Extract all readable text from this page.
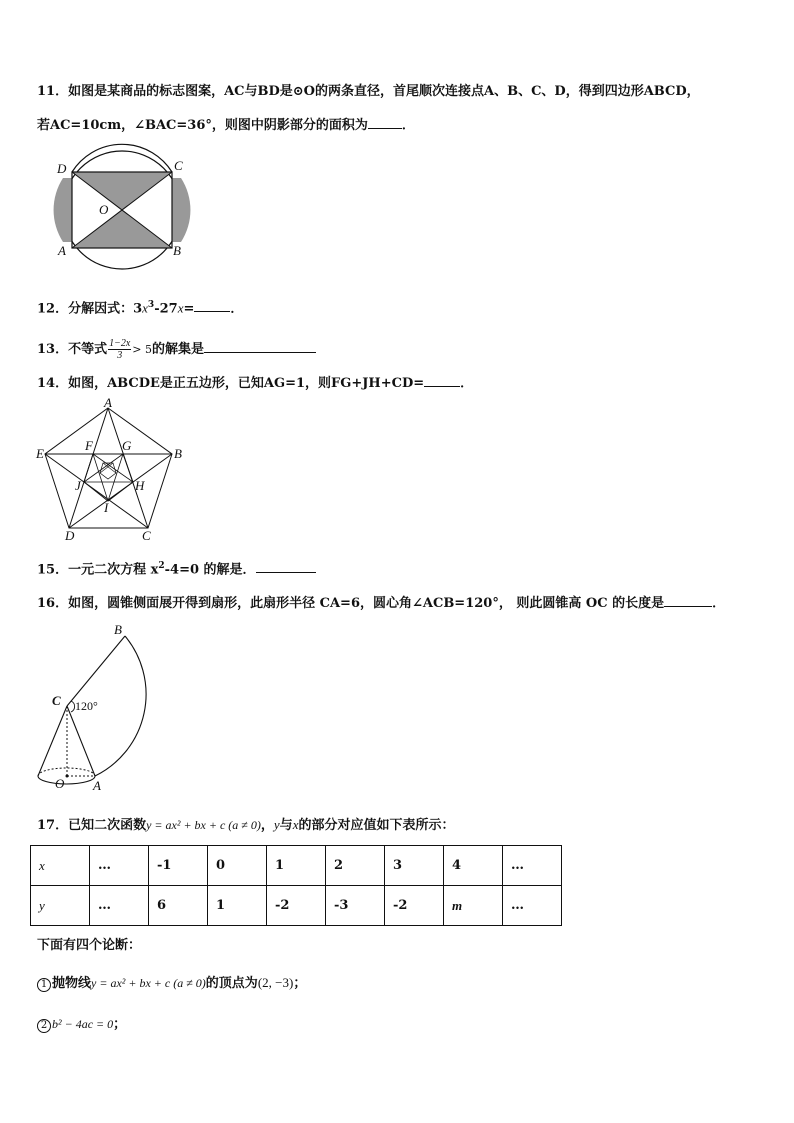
11．如图是某商品的标志图案，AC与BD是⊙O的两条直径，首尾顺次连接点A、B、C、D，得到四边形ABCD，
若AC=10cm，∠BAC=36°，则图中阴影部分的面积为	．
D	C
A	B
O
12．分解因式：$3x^3-27x=$	．
13．不等式 $\frac{1-2x}{3} > 5$的解集是
14．如图，ABCDE是正五边形，已知AG=1，则FG+JH+CD=	．
A
B
C
D
E
F G
H
I
J
15．一元二次方程 $x^2-4=0$ 的解是．
16．如图，圆锥侧面展开得到扇形，此扇形半径 CA=6，圆心角∠ACB=120°， 则此圆锥高 OC 的长度是	．
C
B
A
O
120°
17．已知二次函数y = ax² + bx + c (a ≠ 0)，y与x的部分对应值如下表所示：
x	…	-1	0	1	2	3	4	…
y	…	6	1	-2	-3	-2	m	…
下面有四个论断：
1 抛物线y = ax² + bx + c (a ≠ 0)的顶点为(2, −3)；
2 b² − 4ac = 0；
